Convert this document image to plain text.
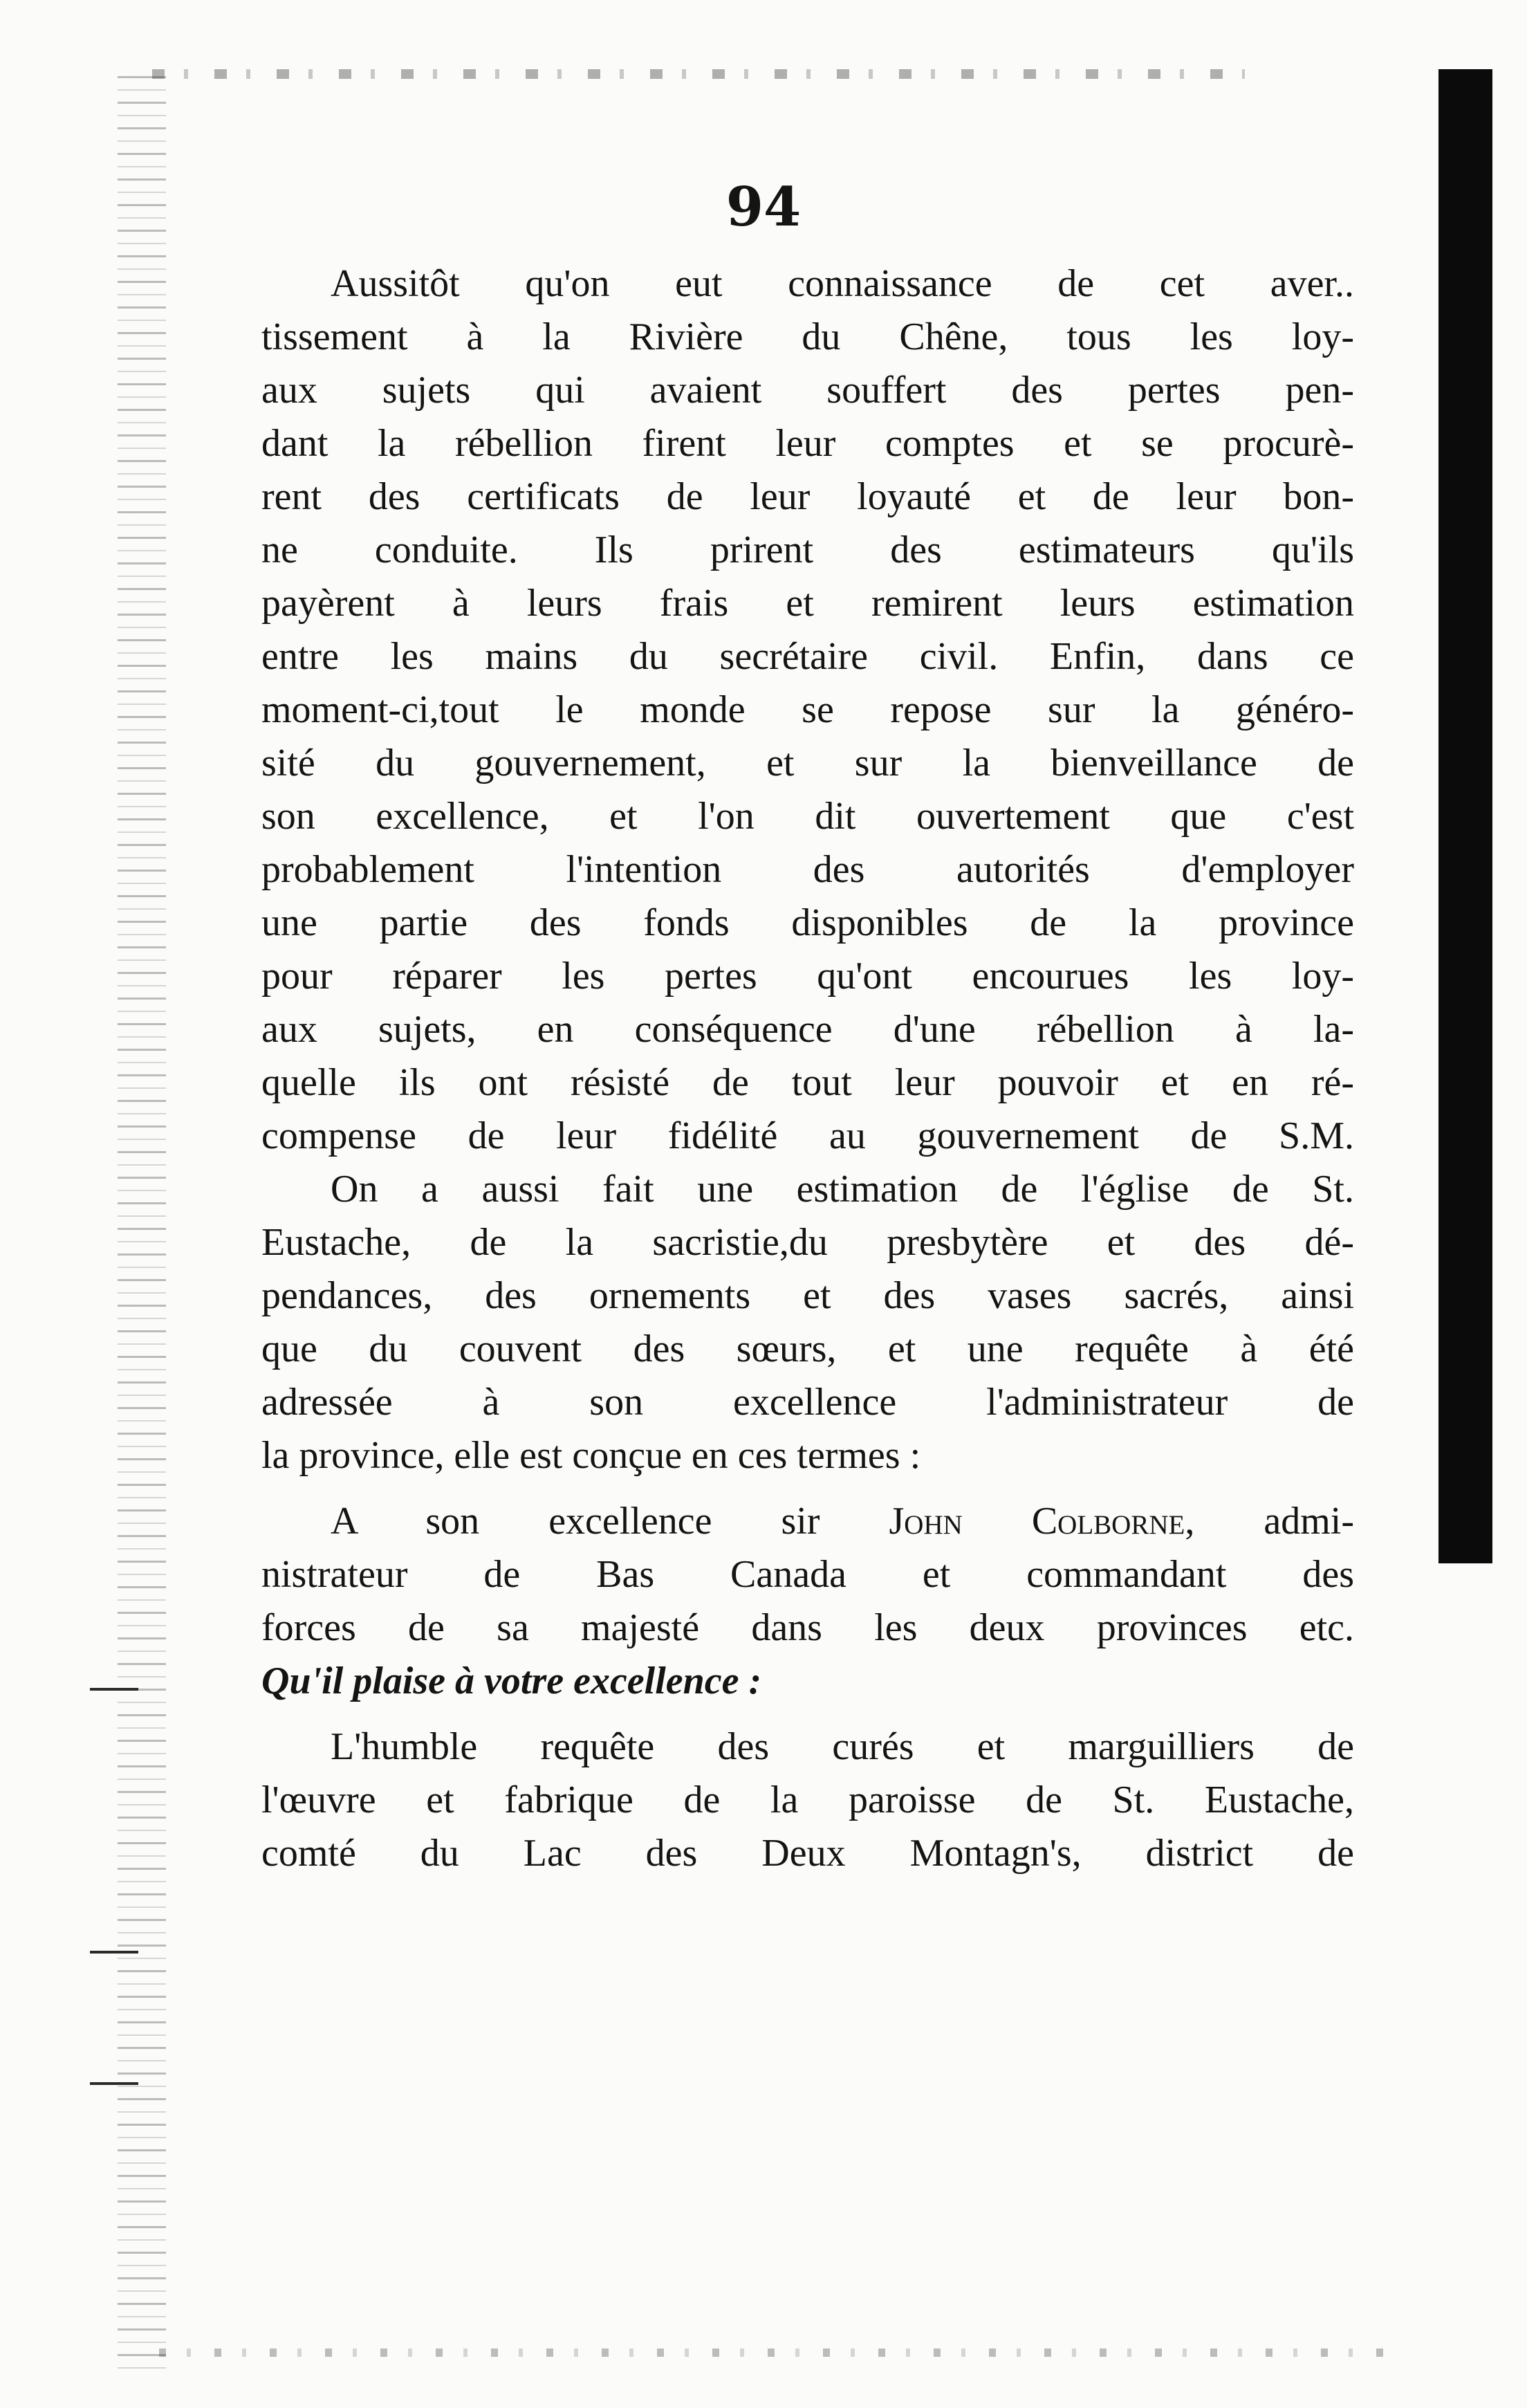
94
Aussitôt qu'on eut connaissance de cet aver..
tissement à la Rivière du Chêne, tous les loy-
aux sujets qui avaient souffert des pertes pen-
dant la rébellion firent leur comptes et se procurè-
rent des certificats de leur loyauté et de leur bon-
ne conduite. Ils prirent des estimateurs qu'ils
payèrent à leurs frais et remirent leurs estimation
entre les mains du secrétaire civil. Enfin, dans ce
moment-ci,tout le monde se repose sur la généro-
sité du gouvernement, et sur la bienveillance de
son excellence, et l'on dit ouvertement que c'est
probablement l'intention des autorités d'employer
une partie des fonds disponibles de la province
pour réparer les pertes qu'ont encourues les loy-
aux sujets, en conséquence d'une rébellion à la-
quelle ils ont résisté de tout leur pouvoir et en ré-
compense de leur fidélité au gouvernement de S.M.
On a aussi fait une estimation de l'église de St.
Eustache, de la sacristie,du presbytère et des dé-
pendances, des ornements et des vases sacrés, ainsi
que du couvent des sœurs, et une requête à été
adressée à son excellence l'administrateur de
la province, elle est conçue en ces termes :
A son excellence sir John Colborne, admi-
nistrateur de Bas Canada et commandant des
forces de sa majesté dans les deux provinces etc.
Qu'il plaise à votre excellence :
L'humble requête des curés et marguilliers de
l'œuvre et fabrique de la paroisse de St. Eustache,
comté du Lac des Deux Montagn's, district de
